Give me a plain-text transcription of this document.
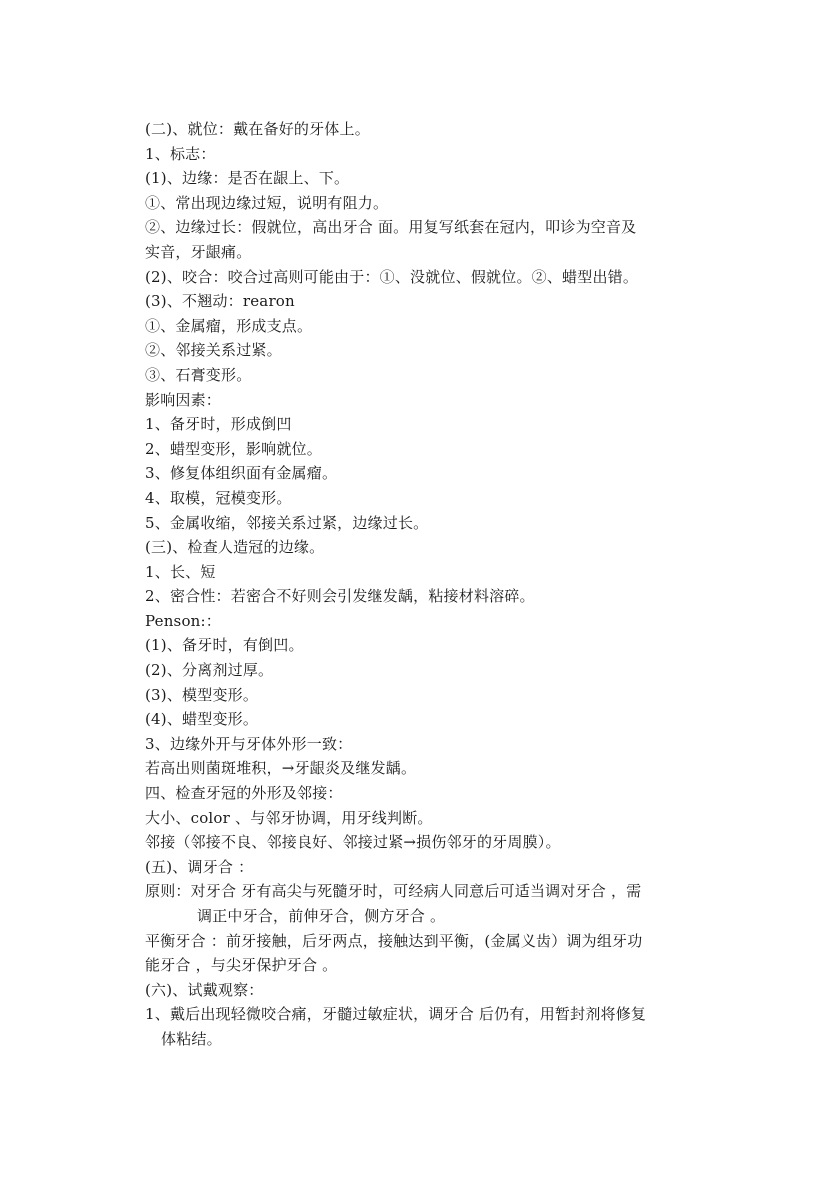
(二)、就位：戴在备好的牙体上。
1、标志：
(1)、边缘：是否在龈上、下。
①、常出现边缘过短，说明有阻力。
②、边缘过长：假就位，高出牙合 面。用复写纸套在冠内，叩诊为空音及
实音，牙龈痛。
(2)、咬合：咬合过高则可能由于：①、没就位、假就位。②、蜡型出错。
(3)、不翘动：rearon
①、金属瘤，形成支点。
②、邻接关系过紧。
③、石膏变形。
影响因素：
1、备牙时，形成倒凹
2、蜡型变形，影响就位。
3、修复体组织面有金属瘤。
4、取模，冠模变形。
5、金属收缩，邻接关系过紧，边缘过长。
(三)、检查人造冠的边缘。
1、长、短
2、密合性：若密合不好则会引发继发龋，粘接材料溶碎。
Penson:：
(1)、备牙时，有倒凹。
(2)、分离剂过厚。
(3)、模型变形。
(4)、蜡型变形。
3、边缘外开与牙体外形一致：
若高出则菌斑堆积，→牙龈炎及继发龋。
四、检查牙冠的外形及邻接：
大小、color 、与邻牙协调，用牙线判断。
邻接（邻接不良、邻接良好、邻接过紧→损伤邻牙的牙周膜）。
(五)、调牙合 ：
原则：对牙合 牙有高尖与死髓牙时，可经病人同意后可适当调对牙合 ，需
调正中牙合，前伸牙合，侧方牙合 。
平衡牙合 ：前牙接触，后牙两点，接触达到平衡，(金属义齿）调为组牙功
能牙合 ，与尖牙保护牙合 。
(六)、试戴观察：
1、戴后出现轻微咬合痛，牙髓过敏症状，调牙合 后仍有，用暂封剂将修复
体粘结。
